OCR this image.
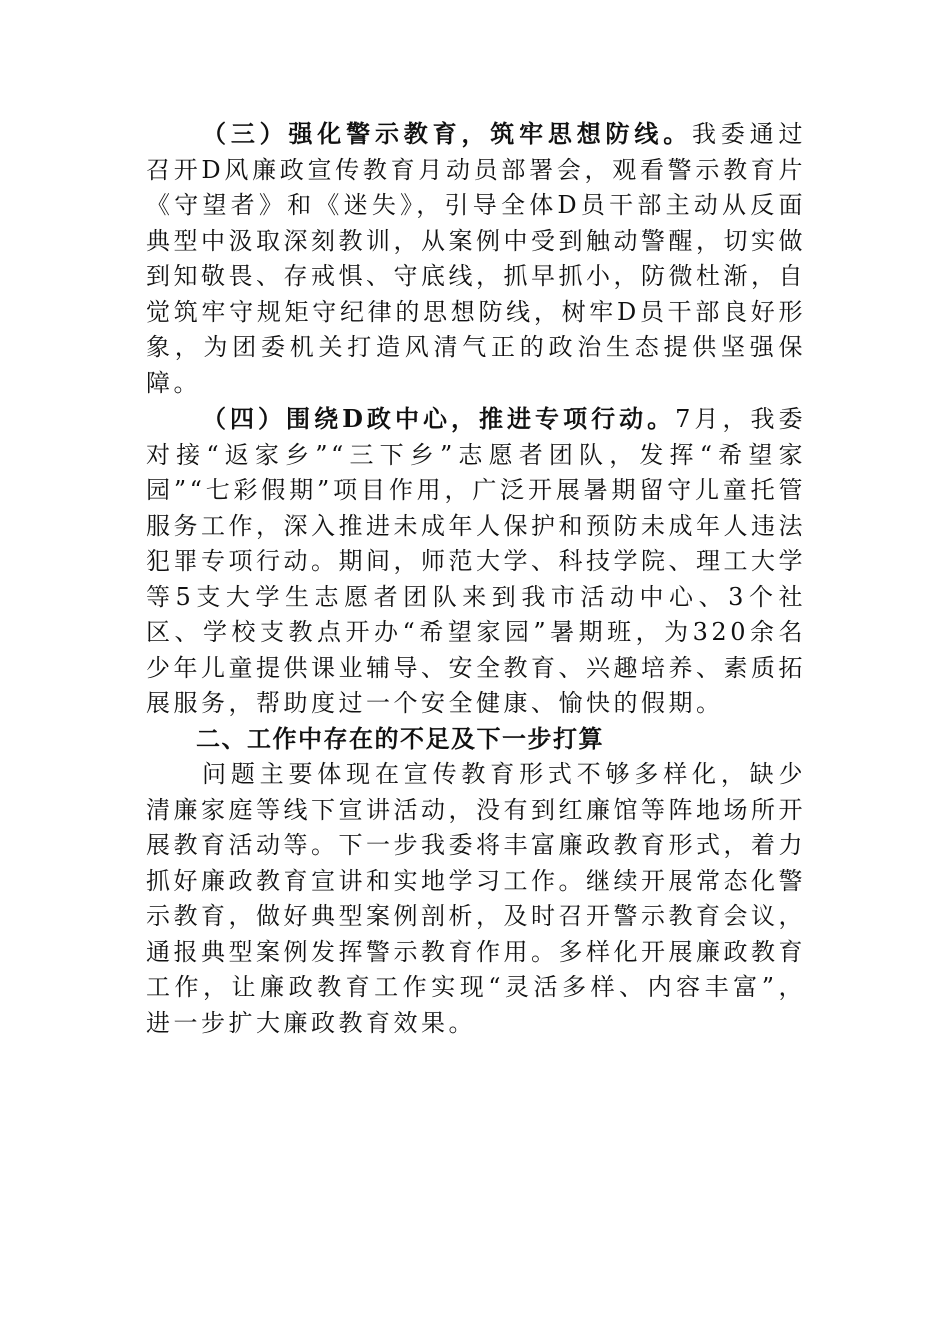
（三）强化警示教育，筑牢思想防线。我委通过召开D风廉政宣传教育月动员部署会，观看警示教育片《守望者》和《迷失》，引导全体D员干部主动从反面典型中汲取深刻教训，从案例中受到触动警醒，切实做到知敬畏、存戒惧、守底线，抓早抓小，防微杜渐，自觉筑牢守规矩守纪律的思想防线，树牢D员干部良好形象，为团委机关打造风清气正的政治生态提供坚强保障。

（四）围绕D政中心，推进专项行动。7月，我委对接“返家乡”“三下乡”志愿者团队，发挥“希望家园”“七彩假期”项目作用，广泛开展暑期留守儿童托管服务工作，深入推进未成年人保护和预防未成年人违法犯罪专项行动。期间，师范大学、科技学院、理工大学等5支大学生志愿者团队来到我市活动中心、3个社区、学校支教点开办“希望家园”暑期班，为320余名少年儿童提供课业辅导、安全教育、兴趣培养、素质拓展服务，帮助度过一个安全健康、愉快的假期。

二、工作中存在的不足及下一步打算

问题主要体现在宣传教育形式不够多样化，缺少清廉家庭等线下宣讲活动，没有到红廉馆等阵地场所开展教育活动等。下一步我委将丰富廉政教育形式，着力抓好廉政教育宣讲和实地学习工作。继续开展常态化警示教育，做好典型案例剖析，及时召开警示教育会议，通报典型案例发挥警示教育作用。多样化开展廉政教育工作，让廉政教育工作实现“灵活多样、内容丰富”，进一步扩大廉政教育效果。
